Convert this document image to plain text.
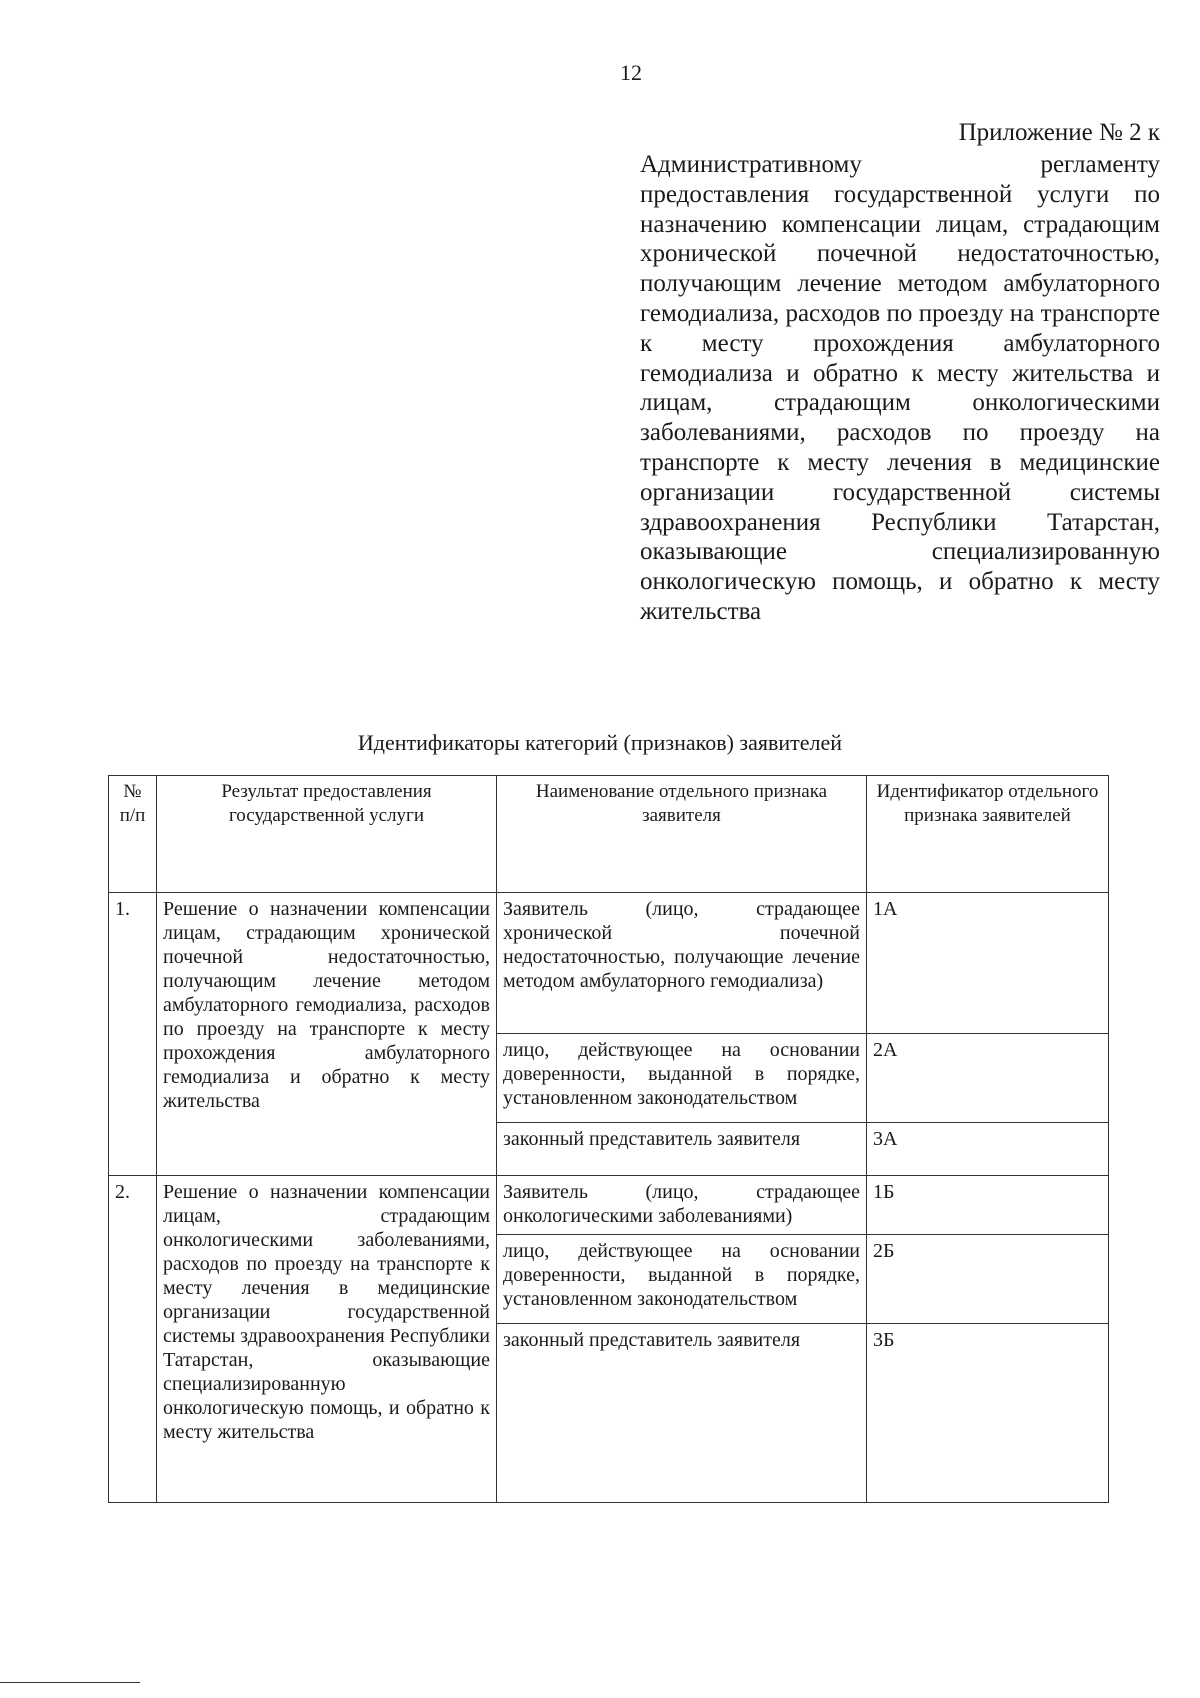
12
Приложение № 2 к
Административному регламенту предоставления государственной услуги по назначению компенсации лицам, страдающим хронической почечной недостаточностью, получающим лечение методом амбулаторного гемодиализа, расходов по проезду на транспорте к месту прохождения амбулаторного гемодиализа и обратно к месту жительства и лицам, страдающим онкологическими заболеваниями, расходов по проезду на транспорте к месту лечения в медицинские организации государственной системы здравоохранения Республики Татарстан, оказывающие специализированную онкологическую помощь, и обратно к месту жительства
Идентификаторы категорий (признаков) заявителей
№ п/п	Результат предоставления государственной услуги	Наименование отдельного признака заявителя	Идентификатор отдельного признака заявителей
1.	Решение о назначении компенсации лицам, страдающим хронической почечной недостаточностью, получающим лечение методом амбулаторного гемодиализа, расходов по проезду на транспорте к месту прохождения амбулаторного гемодиализа и обратно к месту жительства	Заявитель (лицо, страдающее хронической почечной недостаточностью, получающие лечение методом амбулаторного гемодиализа)	1А
		лицо, действующее на основании доверенности, выданной в порядке, установленном законодательством	2А
		законный представитель заявителя	3А
2.	Решение о назначении компенсации лицам, страдающим онкологическими заболеваниями, расходов по проезду на транспорте к месту лечения в медицинские организации государственной системы здравоохранения Республики Татарстан, оказывающие специализированную онкологическую помощь, и обратно к месту жительства	Заявитель (лицо, страдающее онкологическими заболеваниями)	1Б
		лицо, действующее на основании доверенности, выданной в порядке, установленном законодательством	2Б
		законный представитель заявителя	3Б
